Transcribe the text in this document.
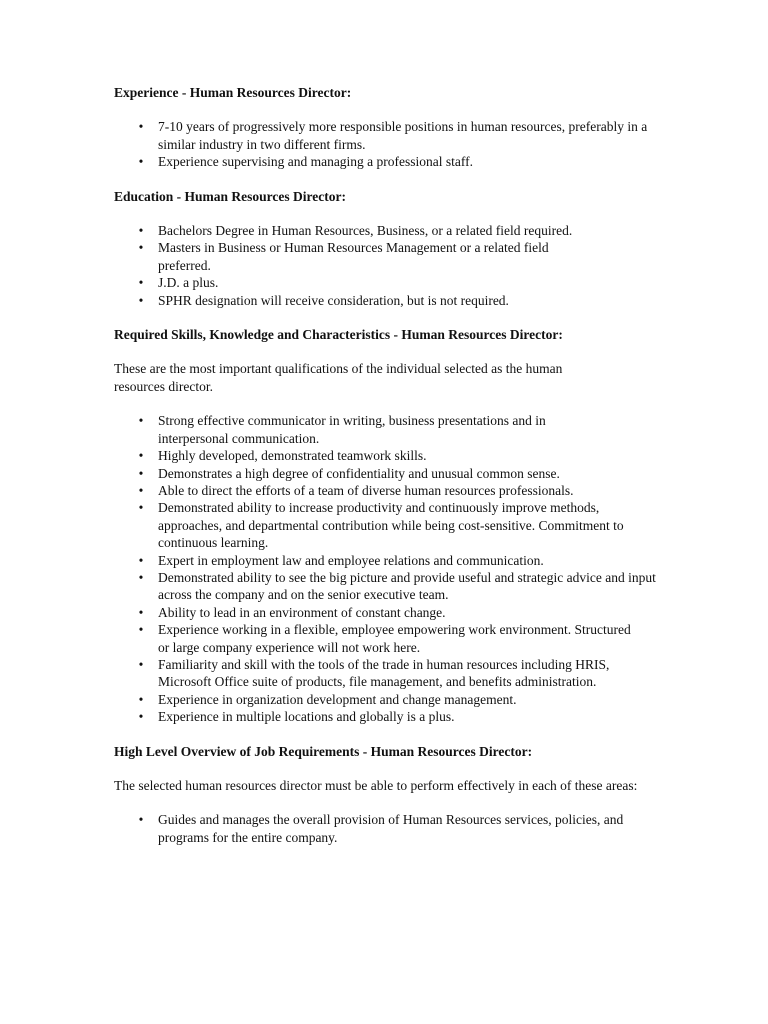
Experience - Human Resources Director:

• 7-10 years of progressively more responsible positions in human resources, preferably in a similar industry in two different firms.
• Experience supervising and managing a professional staff.

Education - Human Resources Director:

• Bachelors Degree in Human Resources, Business, or a related field required.
• Masters in Business or Human Resources Management or a related field preferred.
• J.D. a plus.
• SPHR designation will receive consideration, but is not required.

Required Skills, Knowledge and Characteristics - Human Resources Director:

These are the most important qualifications of the individual selected as the human resources director.

• Strong effective communicator in writing, business presentations and in interpersonal communication.
• Highly developed, demonstrated teamwork skills.
• Demonstrates a high degree of confidentiality and unusual common sense.
• Able to direct the efforts of a team of diverse human resources professionals.
• Demonstrated ability to increase productivity and continuously improve methods, approaches, and departmental contribution while being cost-sensitive. Commitment to continuous learning.
• Expert in employment law and employee relations and communication.
• Demonstrated ability to see the big picture and provide useful and strategic advice and input across the company and on the senior executive team.
• Ability to lead in an environment of constant change.
• Experience working in a flexible, employee empowering work environment. Structured or large company experience will not work here.
• Familiarity and skill with the tools of the trade in human resources including HRIS, Microsoft Office suite of products, file management, and benefits administration.
• Experience in organization development and change management.
• Experience in multiple locations and globally is a plus.

High Level Overview of Job Requirements - Human Resources Director:

The selected human resources director must be able to perform effectively in each of these areas:

• Guides and manages the overall provision of Human Resources services, policies, and programs for the entire company.
